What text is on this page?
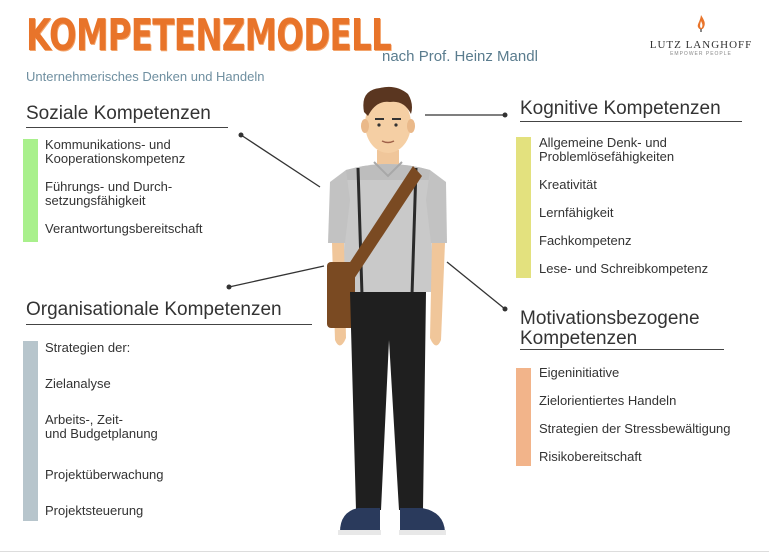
KOMPETENZMODELL
nach Prof. Heinz Mandl
Unternehmerisches Denken und Handeln
LUTZ LANGHOFF
EMPOWER PEOPLE
Soziale Kompetenzen
Kommunikations- und
Kooperationskompetenz
Führungs- und Durch-
setzungsfähigkeit
Verantwortungsbereitschaft
Organisationale Kompetenzen
Strategien der:
Zielanalyse
Arbeits-, Zeit-
und Budgetplanung
Projektüberwachung
Projektsteuerung
Kognitive Kompetenzen
Allgemeine Denk- und
Problemlösefähigkeiten
Kreativität
Lernfähigkeit
Fachkompetenz
Lese- und Schreibkompetenz
Motivationsbezogene
Kompetenzen
Eigeninitiative
Zielorientiertes Handeln
Strategien der Stressbewältigung
Risikobereitschaft
